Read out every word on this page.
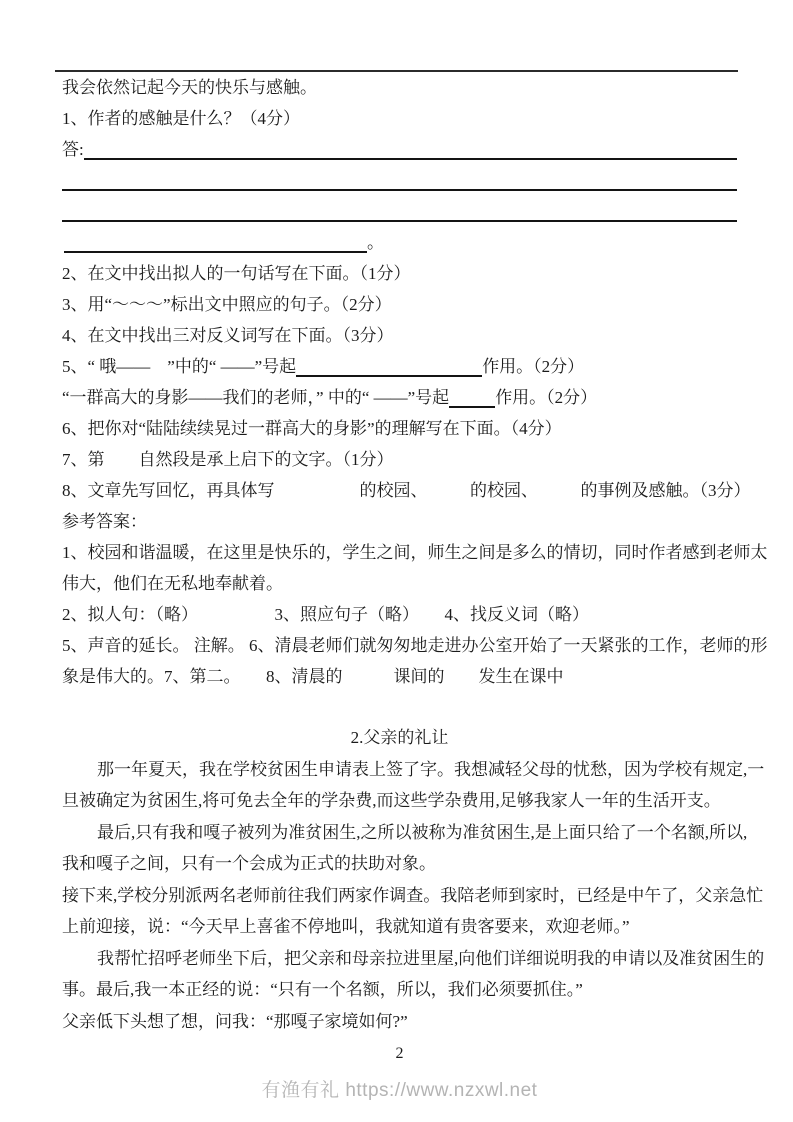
我会依然记起今天的快乐与感触。
1、作者的感触是什么？（4分）
答:
。
2、在文中找出拟人的一句话写在下面。（1分）
3、用“～～～”标出文中照应的句子。（2分）
4、在文中找出三对反义词写在下面。（3分）
5、“ 哦——　”中的“ ——”号起	作用。（2分）
“一群高大的身影——我们的老师，” 中的“ ——”号起	作用。（2分）
6、把你对“陆陆续续晃过一群高大的身影”的理解写在下面。（4分）
7、第　　自然段是承上启下的文字。（1分）
8、文章先写回忆，再具体写　　　　　的校园、　　　的校园、　　　的事例及感触。（3分）
参考答案：
1、校园和谐温暖，在这里是快乐的，学生之间，师生之间是多么的情切，同时作者感到老师太
伟大，他们在无私地奉献着。
2、拟人句：（略）　　　　　3、照应句子（略）　　4、找反义词（略）
5、声音的延长。 注解。 6、清晨老师们就匆匆地走进办公室开始了一天紧张的工作，老师的形
象是伟大的。7、第二。　　8、清晨的　　　课间的　　发生在课中
2.父亲的礼让
那一年夏天，我在学校贫困生申请表上签了字。我想减轻父母的忧愁，因为学校有规定,一
旦被确定为贫困生,将可免去全年的学杂费,而这些学杂费用,足够我家人一年的生活开支。
最后,只有我和嘎子被列为准贫困生,之所以被称为准贫困生,是上面只给了一个名额,所以,
我和嘎子之间，只有一个会成为正式的扶助对象。
接下来,学校分别派两名老师前往我们两家作调查。我陪老师到家时，已经是中午了，父亲急忙
上前迎接，说：“今天早上喜雀不停地叫，我就知道有贵客要来，欢迎老师。”
我帮忙招呼老师坐下后，把父亲和母亲拉进里屋,向他们详细说明我的申请以及准贫困生的
事。最后,我一本正经的说：“只有一个名额，所以，我们必须要抓住。”
父亲低下头想了想，问我：“那嘎子家境如何?”
2
有渔有礼 https://www.nzxwl.net
